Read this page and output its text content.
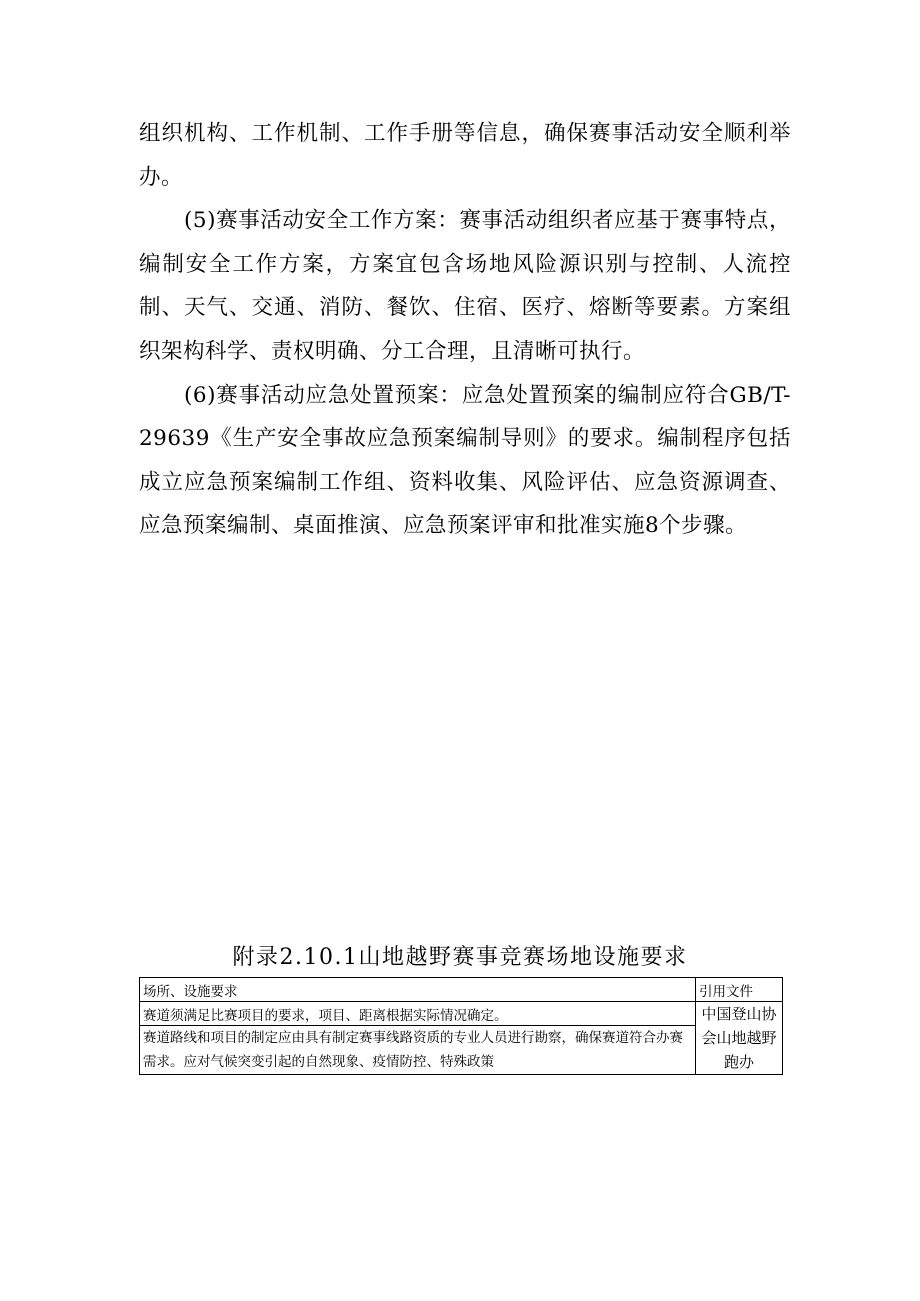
组织机构、工作机制、工作手册等信息，确保赛事活动安全顺利举办。

(5)赛事活动安全工作方案：赛事活动组织者应基于赛事特点，编制安全工作方案，方案宜包含场地风险源识别与控制、人流控制、天气、交通、消防、餐饮、住宿、医疗、熔断等要素。方案组织架构科学、责权明确、分工合理，且清晰可执行。

(6)赛事活动应急处置预案：应急处置预案的编制应符合GB/T-29639《生产安全事故应急预案编制导则》的要求。编制程序包括成立应急预案编制工作组、资料收集、风险评估、应急资源调查、应急预案编制、桌面推演、应急预案评审和批准实施8个步骤。

附录2.10.1山地越野赛事竞赛场地设施要求
场所、设施要求	引用文件
赛道须满足比赛项目的要求，项目、距离根据实际情况确定。	中国登山协会山地越野跑办
赛道路线和项目的制定应由具有制定赛事线路资质的专业人员进行勘察，确保赛道符合办赛需求。应对气候突变引起的自然现象、疫情防控、特殊政策	
